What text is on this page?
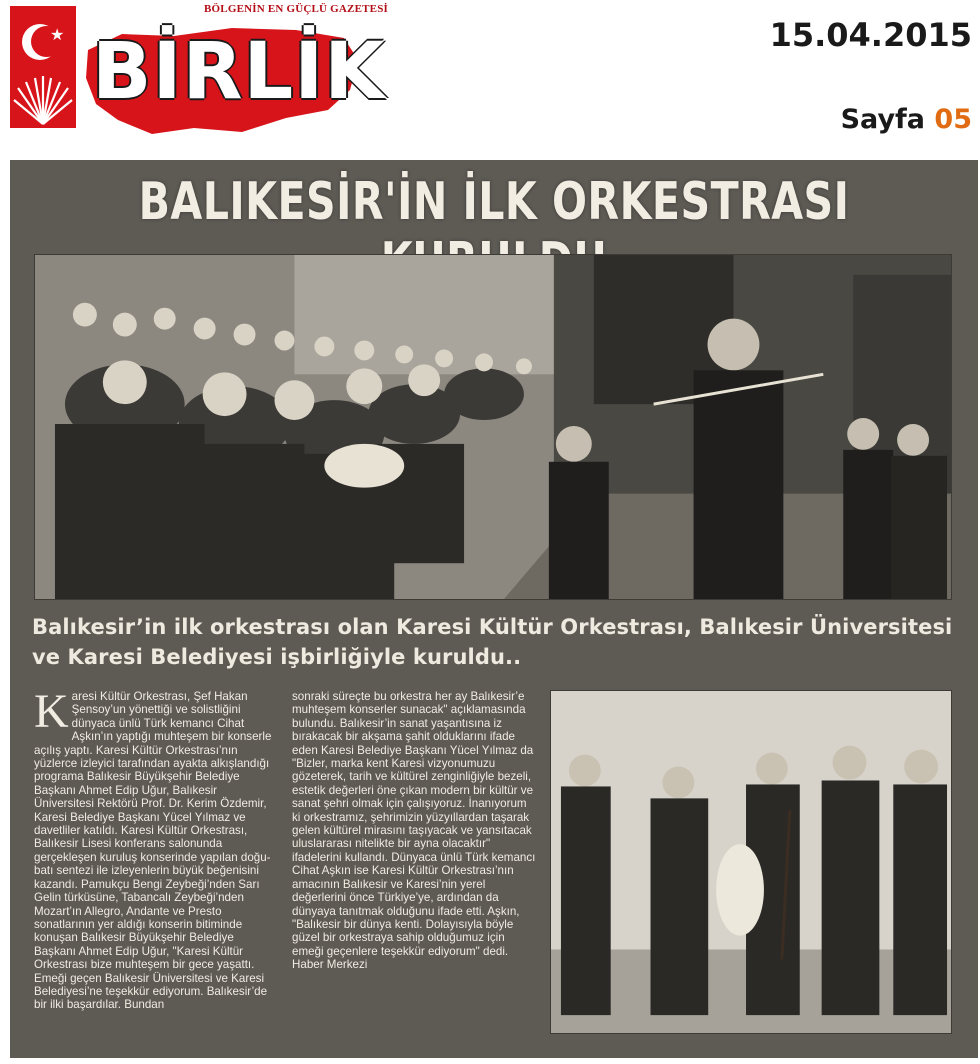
★
BÖLGENİN EN GÜÇLÜ GAZETESİ
BİRLİK	15.04.2015
Sayfa 05
BALIKESİR'İN İLK ORKESTRASI
Balıkesir’in ilk orkestrası olan Karesi Kültür Orkestrası, Balıkesir Üniversitesi ve Karesi Belediyesi işbirliğiyle kuruldu..
K aresi Kültür Orkestrası, Şef Hakan Şensoy’un yönettiği ve solistliğini dünyaca ünlü Türk kemancı Cihat Aşkın’ın yaptığı muhteşem bir konserle açılış yaptı. Karesi Kültür Orkestrası’nın yüzlerce izleyici tarafından ayakta alkışlandığı programa Balıkesir Büyükşehir Belediye Başkanı Ahmet Edip Uğur, Balıkesir Üniversitesi Rektörü Prof. Dr. Kerim Özdemir, Karesi Belediye Başkanı Yücel Yılmaz ve davetliler katıldı. Karesi Kültür Orkestrası, Balıkesir Lisesi konferans salonunda gerçekleşen kuruluş konserinde yapılan doğu-batı sentezi ile izleyenlerin büyük beğenisini kazandı. Pamukçu Bengi Zeybeği’nden Sarı Gelin türküsüne, Tabancalı Zeybeği’nden Mozart’ın Allegro, Andante ve Presto sonatlarının yer aldığı konserin bitiminde konuşan Balıkesir Büyükşehir Belediye Başkanı Ahmet Edip Uğur, "Karesi Kültür Orkestrası bize muhteşem bir gece yaşattı. Emeği geçen Balıkesir Üniversitesi ve Karesi Belediyesi’ne teşekkür ediyorum. Balıkesir’de bir ilki başardılar. Bundan

sonraki süreçte bu orkestra her ay Balıkesir’e muhteşem konserler sunacak" açıklamasında bulundu. Balıkesir’in sanat yaşantısına iz bırakacak bir akşama şahit olduklarını ifade eden Karesi Belediye Başkanı Yücel Yılmaz da "Bizler, marka kent Karesi vizyonumuzu gözeterek, tarih ve kültürel zenginliğiyle bezeli, estetik değerleri öne çıkan modern bir kültür ve sanat şehri olmak için çalışıyoruz. İnanıyorum ki orkestramız, şehrimizin yüzyıllardan taşarak gelen kültürel mirasını taşıyacak ve yansıtacak uluslararası nitelikte bir ayna olacaktır" ifadelerini kullandı. Dünyaca ünlü Türk kemancı Cihat Aşkın ise Karesi Kültür Orkestrası’nın amacının Balıkesir ve Karesi’nin yerel değerlerini önce Türkiye’ye, ardından da dünyaya tanıtmak olduğunu ifade etti. Aşkın, "Balıkesir bir dünya kenti. Dolayısıyla böyle güzel bir orkestraya sahip olduğumuz için emeği geçenlere teşekkür ediyorum" dedi.

Haber Merkezi
